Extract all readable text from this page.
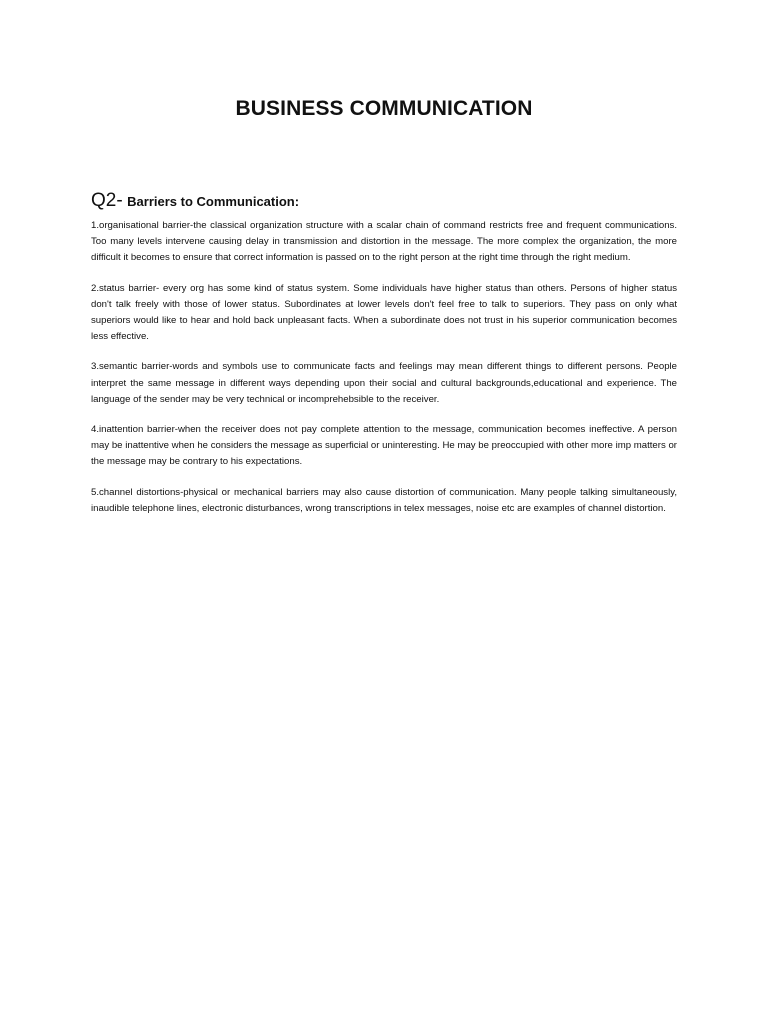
BUSINESS COMMUNICATION
Q2- Barriers to Communication:

1.organisational barrier-the classical organization structure with a scalar chain of command restricts free and frequent communications. Too many levels intervene causing delay in transmission and distortion in the message. The more complex the organization, the more difficult it becomes to ensure that correct information is passed on to the right person at the right time through the right medium.

2.status barrier- every org has some kind of status system. Some individuals have higher status than others. Persons of higher status don't talk freely with those of lower status. Subordinates at lower levels don't feel free to talk to superiors. They pass on only what superiors would like to hear and hold back unpleasant facts. When a subordinate does not trust in his superior communication becomes less effective.

3.semantic barrier-words and symbols use to communicate facts and feelings may mean different things to different persons. People interpret the same message in different ways depending upon their social and cultural backgrounds,educational and experience. The language of the sender may be very technical or incomprehebsible to the receiver.

4.inattention barrier-when the receiver does not pay complete attention to the message, communication becomes ineffective. A person may be inattentive when he considers the message as superficial or uninteresting. He may be preoccupied with other more imp matters or the message may be contrary to his expectations.

5.channel distortions-physical or mechanical barriers may also cause distortion of communication. Many people talking simultaneously, inaudible telephone lines, electronic disturbances, wrong transcriptions in telex messages, noise etc are examples of channel distortion.
